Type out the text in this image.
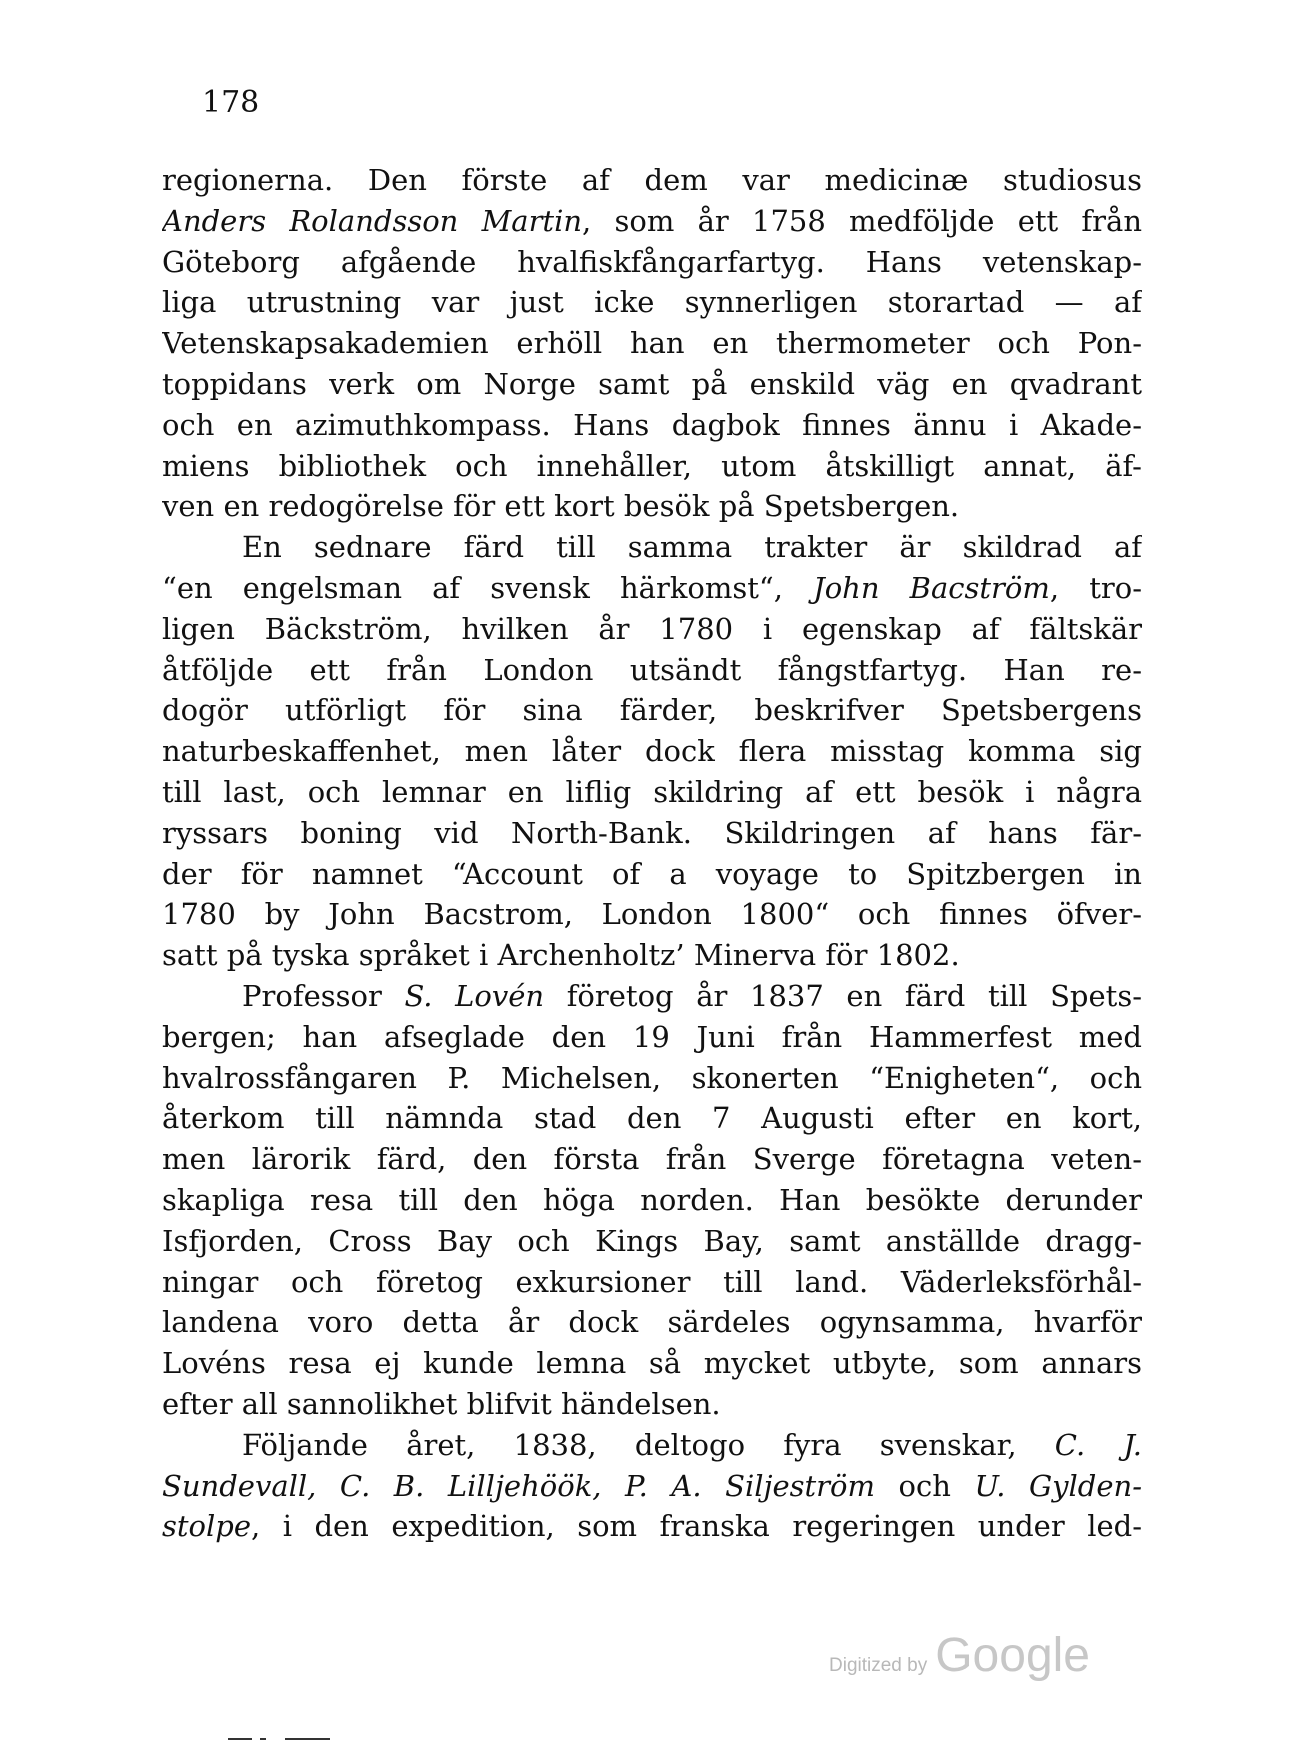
178
regionerna. Den förste af dem var medicinæ studiosus
Anders Rolandsson Martin, som år 1758 medföljde ett från
Göteborg afgående hvalfiskfångarfartyg. Hans vetenskap-
liga utrustning var just icke synnerligen storartad — af
Vetenskapsakademien erhöll han en thermometer och Pon-
toppidans verk om Norge samt på enskild väg en qvadrant
och en azimuthkompass. Hans dagbok finnes ännu i Akade-
miens bibliothek och innehåller, utom åtskilligt annat, äf-
ven en redogörelse för ett kort besök på Spetsbergen.
En sednare färd till samma trakter är skildrad af
“en engelsman af svensk härkomst“, John Bacström, tro-
ligen Bäckström, hvilken år 1780 i egenskap af fältskär
åtföljde ett från London utsändt fångstfartyg. Han re-
dogör utförligt för sina färder, beskrifver Spetsbergens
naturbeskaffenhet, men låter dock flera misstag komma sig
till last, och lemnar en liflig skildring af ett besök i några
ryssars boning vid North-Bank. Skildringen af hans fär-
der för namnet “Account of a voyage to Spitzbergen in
1780 by John Bacstrom, London 1800“ och finnes öfver-
satt på tyska språket i Archenholtz’ Minerva för 1802.
Professor S. Lovén företog år 1837 en färd till Spets-
bergen; han afseglade den 19 Juni från Hammerfest med
hvalrossfångaren P. Michelsen, skonerten “Enigheten“, och
återkom till nämnda stad den 7 Augusti efter en kort,
men lärorik färd, den första från Sverge företagna veten-
skapliga resa till den höga norden. Han besökte derunder
Isfjorden, Cross Bay och Kings Bay, samt anställde dragg-
ningar och företog exkursioner till land. Väderleksförhål-
landena voro detta år dock särdeles ogynsamma, hvarför
Lovéns resa ej kunde lemna så mycket utbyte, som annars
efter all sannolikhet blifvit händelsen.
Följande året, 1838, deltogo fyra svenskar, C. J.
Sundevall, C. B. Lilljehöök, P. A. Siljeström och U. Gylden-
stolpe, i den expedition, som franska regeringen under led-
Digitized by Google
